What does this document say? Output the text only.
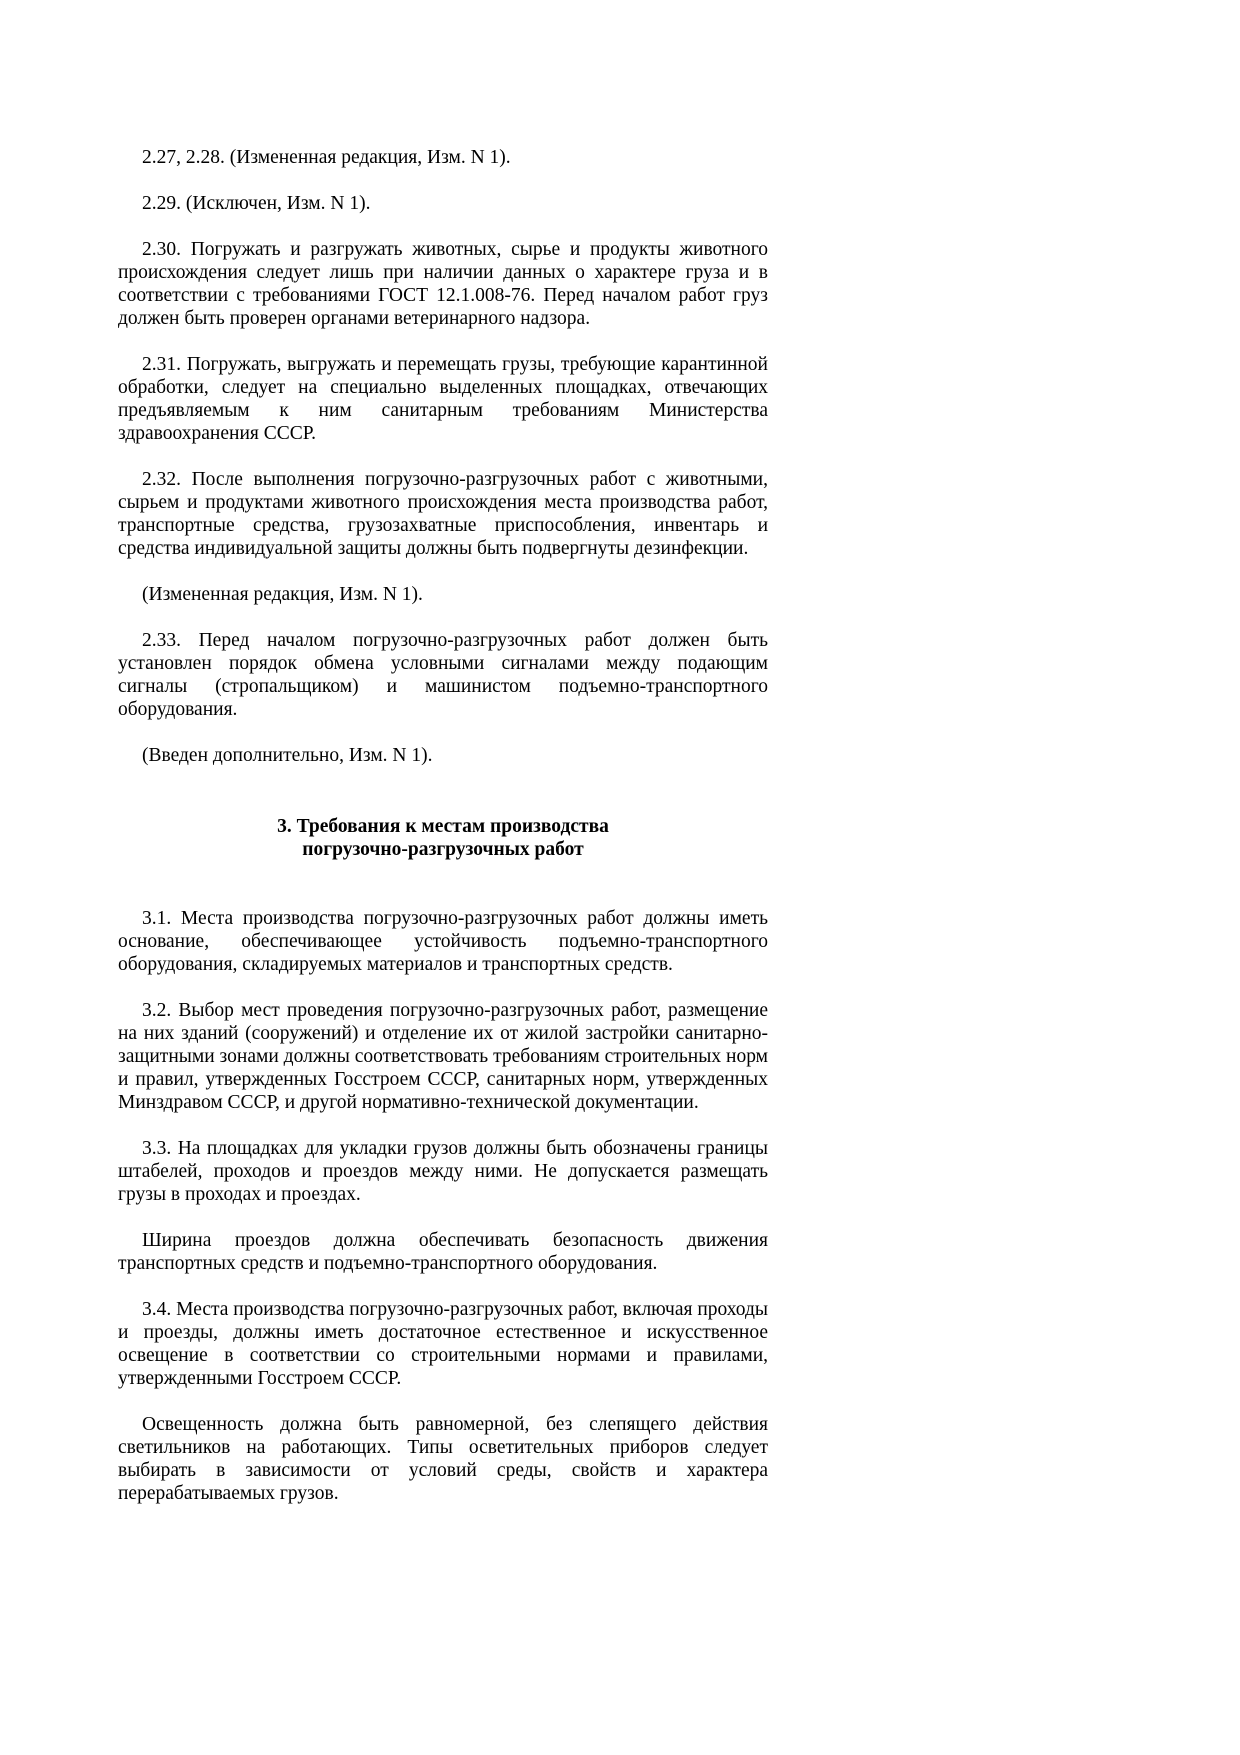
2.27, 2.28. (Измененная редакция, Изм. N 1).

2.29. (Исключен, Изм. N 1).

2.30. Погружать и разгружать животных, сырье и продукты животного происхождения следует лишь при наличии данных о характере груза и в соответствии с требованиями ГОСТ 12.1.008-76. Перед началом работ груз должен быть проверен органами ветеринарного надзора.

2.31. Погружать, выгружать и перемещать грузы, требующие карантинной обработки, следует на специально выделенных площадках, отвечающих предъявляемым к ним санитарным требованиям Министерства здравоохранения СССР.

2.32. После выполнения погрузочно-разгрузочных работ с животными, сырьем и продуктами животного происхождения места производства работ, транспортные средства, грузозахватные приспособления, инвентарь и средства индивидуальной защиты должны быть подвергнуты дезинфекции.

(Измененная редакция, Изм. N 1).

2.33. Перед началом погрузочно-разгрузочных работ должен быть установлен порядок обмена условными сигналами между подающим сигналы (стропальщиком) и машинистом подъемно-транспортного оборудования.

(Введен дополнительно, Изм. N 1).

3. Требования к местам производства
погрузочно-разгрузочных работ

3.1. Места производства погрузочно-разгрузочных работ должны иметь основание, обеспечивающее устойчивость подъемно-транспортного оборудования, складируемых материалов и транспортных средств.

3.2. Выбор мест проведения погрузочно-разгрузочных работ, размещение на них зданий (сооружений) и отделение их от жилой застройки санитарно-защитными зонами должны соответствовать требованиям строительных норм и правил, утвержденных Госстроем СССР, санитарных норм, утвержденных Минздравом СССР, и другой нормативно-технической документации.

3.3. На площадках для укладки грузов должны быть обозначены границы штабелей, проходов и проездов между ними. Не допускается размещать грузы в проходах и проездах.

Ширина проездов должна обеспечивать безопасность движения транспортных средств и подъемно-транспортного оборудования.

3.4. Места производства погрузочно-разгрузочных работ, включая проходы и проезды, должны иметь достаточное естественное и искусственное освещение в соответствии со строительными нормами и правилами, утвержденными Госстроем СССР.

Освещенность должна быть равномерной, без слепящего действия светильников на работающих. Типы осветительных приборов следует выбирать в зависимости от условий среды, свойств и характера перерабатываемых грузов.
